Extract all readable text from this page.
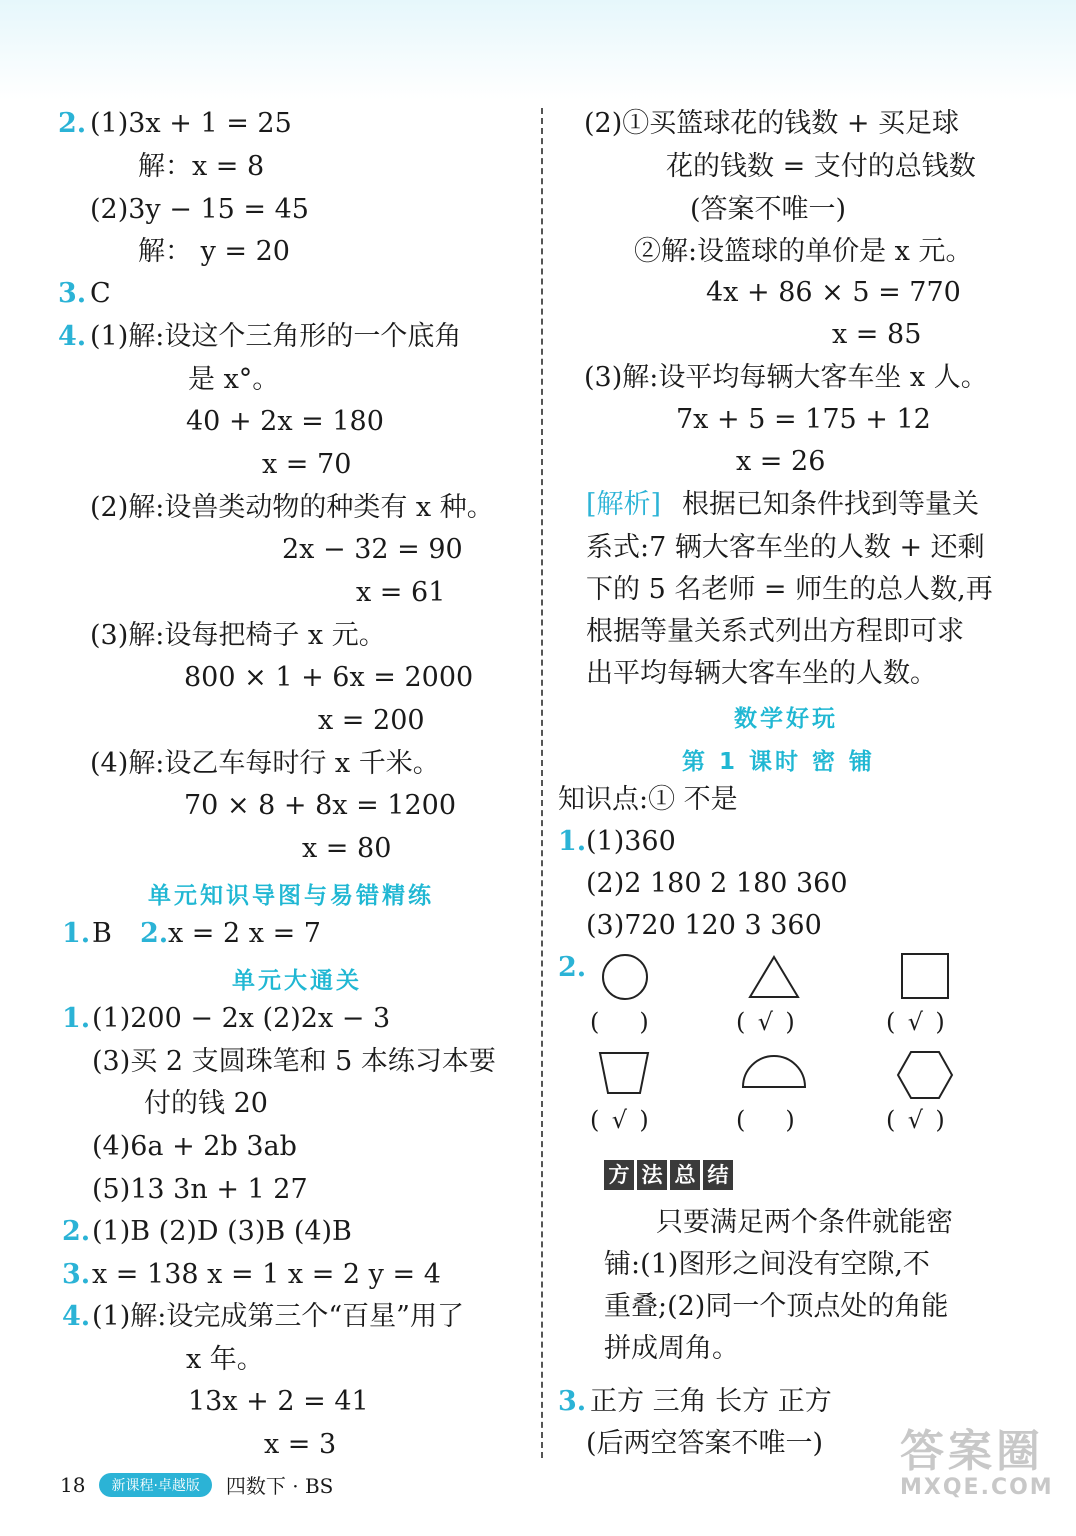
2. (1)3x + 1 = 25
解：x = 8
(2)3y − 15 = 45
解： y = 20
3. C
4. (1)解:设这个三角形的一个底角
是 x°。
40 + 2x = 180
x = 70
(2)解:设兽类动物的种类有 x 种。
2x − 32 = 90
x = 61
(3)解:设每把椅子 x 元。
800 × 1 + 6x = 2000
x = 200
(4)解:设乙车每时行 x 千米。
70 × 8 + 8x = 1200
x = 80
单元知识导图与易错精练
1. B 2. x = 2 x = 7
单元大通关
1. (1)200 − 2x (2)2x − 3
(3)买 2 支圆珠笔和 5 本练习本要
付的钱 20
(4)6a + 2b 3ab
(5)13 3n + 1 27
2. (1)B (2)D (3)B (4)B
3. x = 138 x = 1 x = 2 y = 4
4. (1)解:设完成第三个“百星”用了
x 年。
13x + 2 = 41
x = 3
(2)①买篮球花的钱数 + 买足球
花的钱数 = 支付的总钱数
(答案不唯一)
②解:设篮球的单价是 x 元。
4x + 86 × 5 = 770
x = 85
(3)解:设平均每辆大客车坐 x 人。
7x + 5 = 175 + 12
x = 26
[解析] 根据已知条件找到等量关
系式:7 辆大客车坐的人数 + 还剩
下的 5 名老师 = 师生的总人数,再
根据等量关系式列出方程即可求
出平均每辆大客车坐的人数。
数学好玩
第 1 课时 密 铺
知识点:① 不是
1. (1)360
(2)2 180 2 180 360
(3)720 120 3 360
2.
( )	( √ )	( √ )
( √ )	( )	( √ )
方 法 总 结
只要满足两个条件就能密
铺:(1)图形之间没有空隙,不
重叠;(2)同一个顶点处的角能
拼成周角。
3. 正方 三角 长方 正方
(后两空答案不唯一)
18	新课程·卓越版	四数下 · BS
答案圈
MXQE.COM
